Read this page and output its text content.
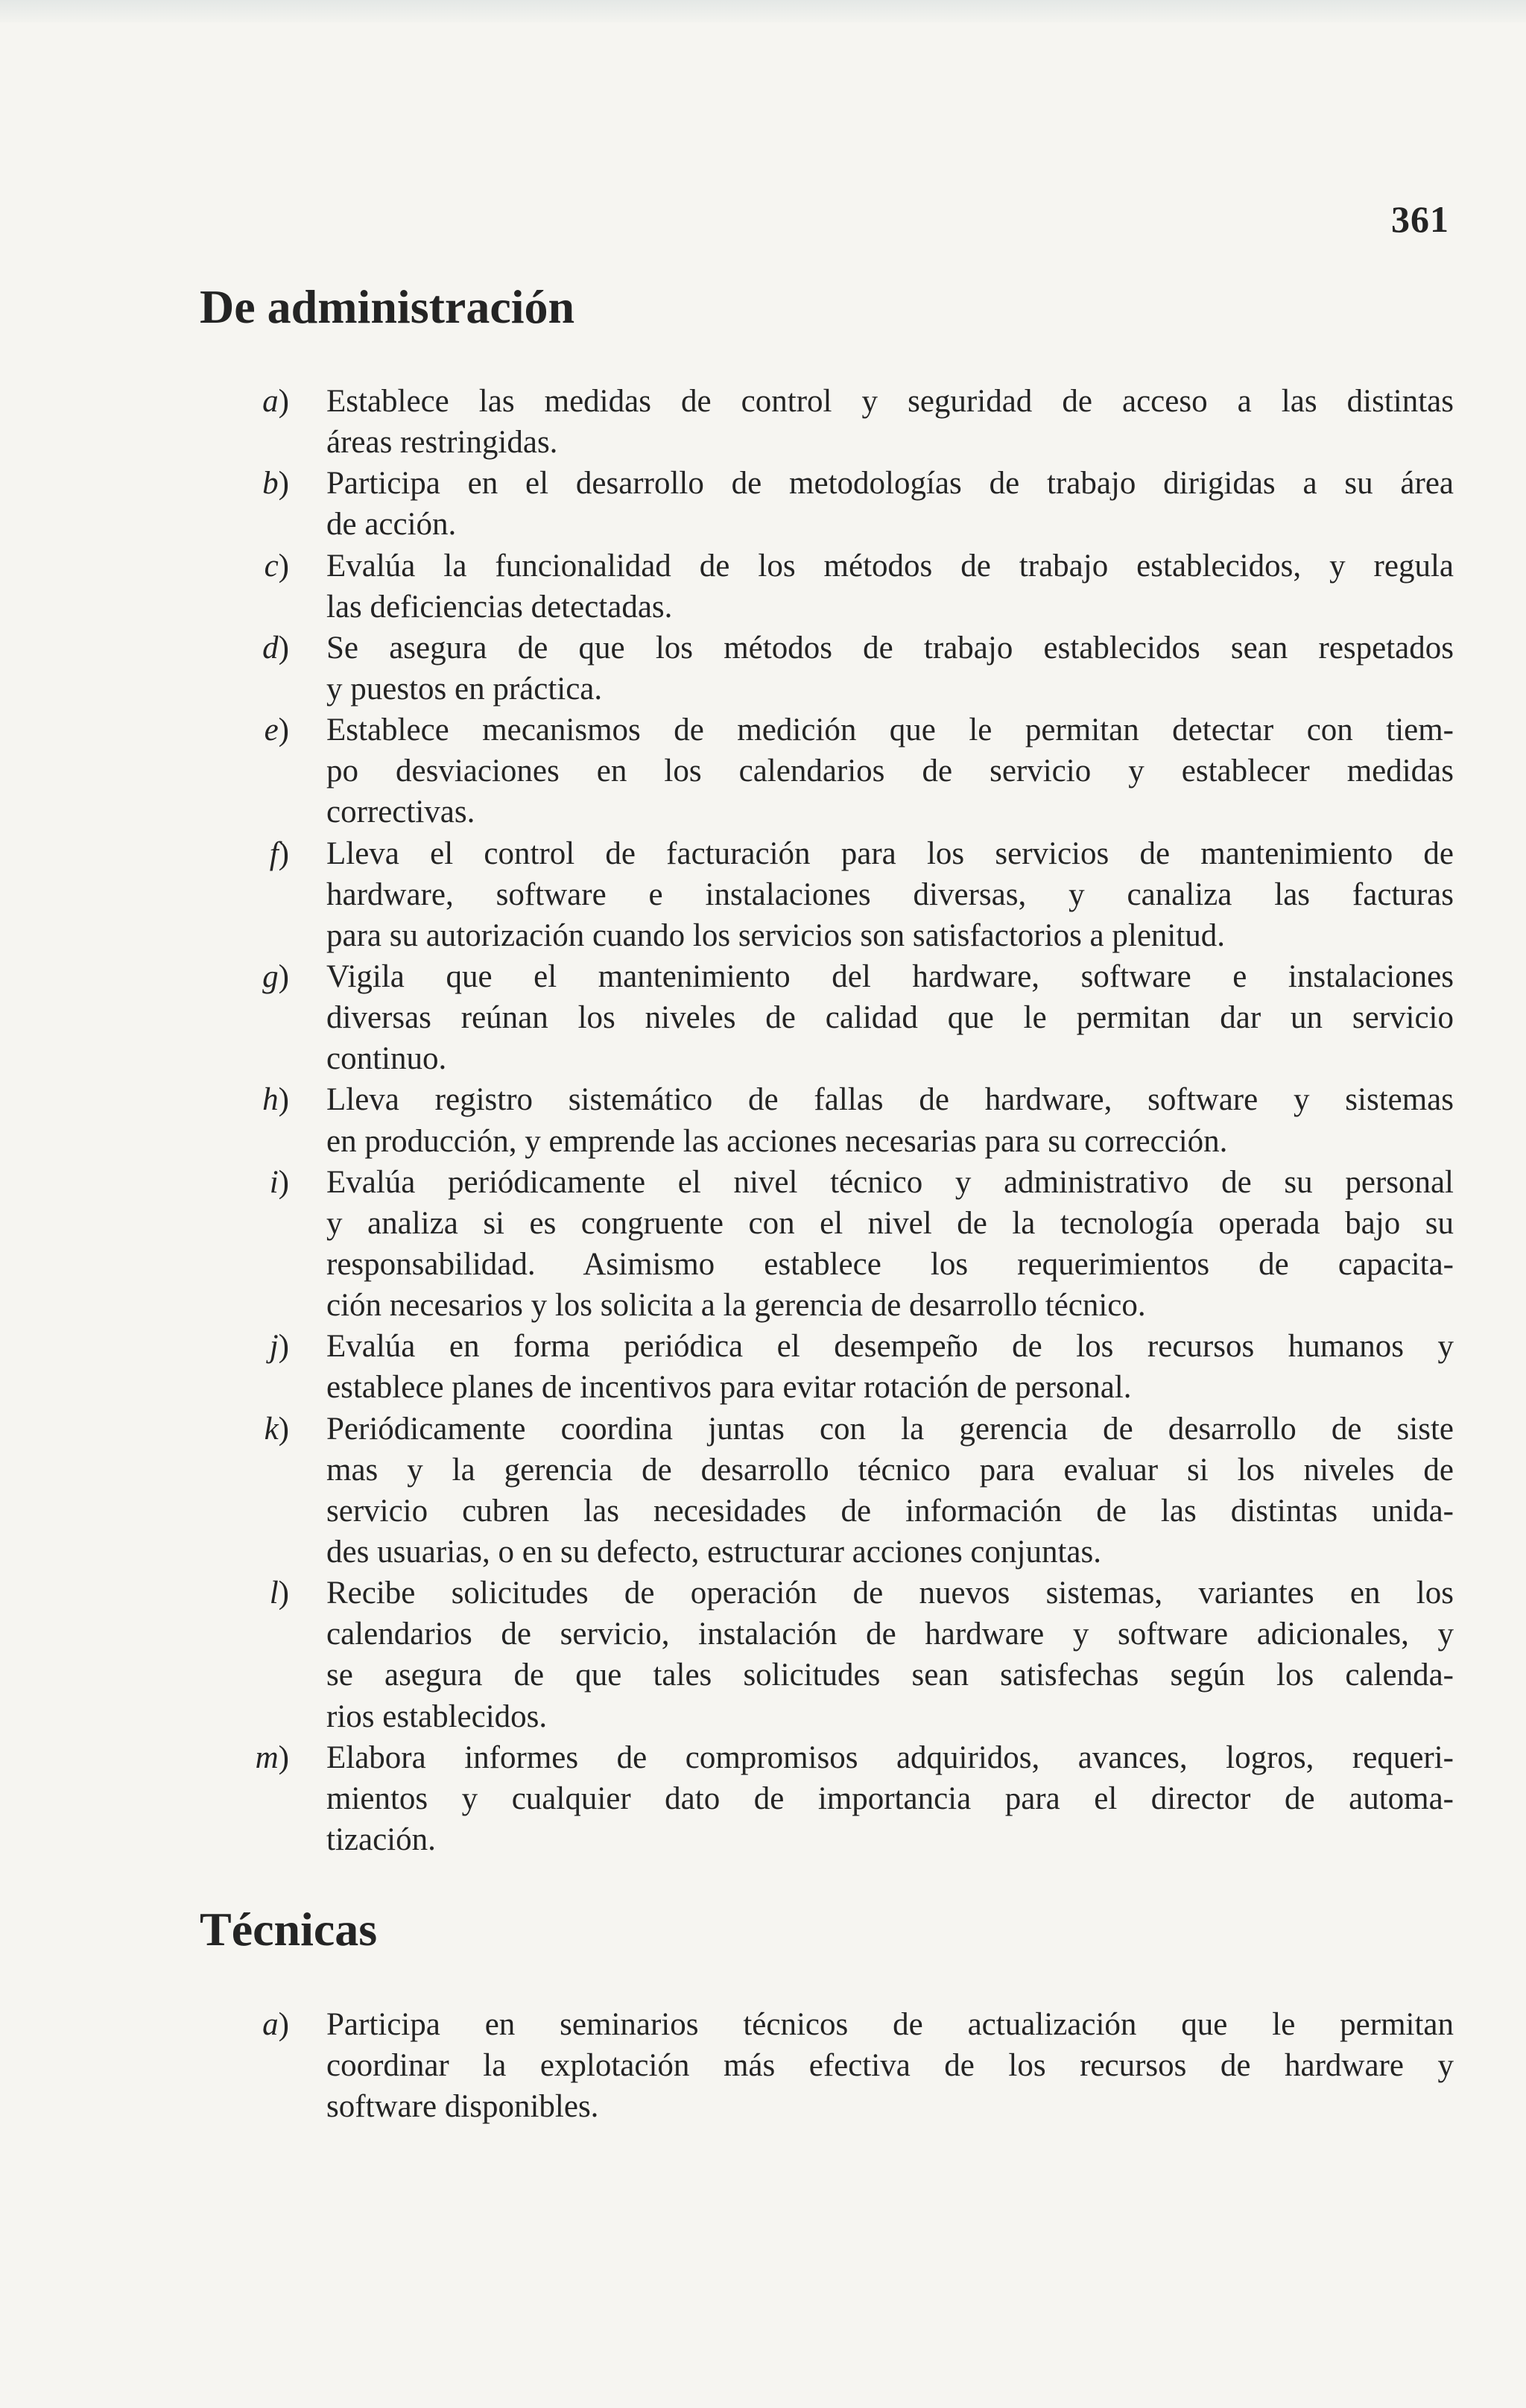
361
De administración
a) Establece las medidas de control y seguridad de acceso a las distintas
áreas restringidas.
b) Participa en el desarrollo de metodologías de trabajo dirigidas a su área
de acción.
c) Evalúa la funcionalidad de los métodos de trabajo establecidos, y regula
las deficiencias detectadas.
d) Se asegura de que los métodos de trabajo establecidos sean respetados
y puestos en práctica.
e) Establece mecanismos de medición que le permitan detectar con tiem-
po desviaciones en los calendarios de servicio y establecer medidas
correctivas.
f) Lleva el control de facturación para los servicios de mantenimiento de
hardware, software e instalaciones diversas, y canaliza las facturas
para su autorización cuando los servicios son satisfactorios a plenitud.
g) Vigila que el mantenimiento del hardware, software e instalaciones
diversas reúnan los niveles de calidad que le permitan dar un servicio
continuo.
h) Lleva registro sistemático de fallas de hardware, software y sistemas
en producción, y emprende las acciones necesarias para su corrección.
i) Evalúa periódicamente el nivel técnico y administrativo de su personal
y analiza si es congruente con el nivel de la tecnología operada bajo su
responsabilidad. Asimismo establece los requerimientos de capacita-
ción necesarios y los solicita a la gerencia de desarrollo técnico.
j) Evalúa en forma periódica el desempeño de los recursos humanos y
establece planes de incentivos para evitar rotación de personal.
k) Periódicamente coordina juntas con la gerencia de desarrollo de siste
mas y la gerencia de desarrollo técnico para evaluar si los niveles de
servicio cubren las necesidades de información de las distintas unida-
des usuarias, o en su defecto, estructurar acciones conjuntas.
l) Recibe solicitudes de operación de nuevos sistemas, variantes en los
calendarios de servicio, instalación de hardware y software adicionales, y
se asegura de que tales solicitudes sean satisfechas según los calenda-
rios establecidos.
m) Elabora informes de compromisos adquiridos, avances, logros, requeri-
mientos y cualquier dato de importancia para el director de automa-
tización.
Técnicas
a) Participa en seminarios técnicos de actualización que le permitan
coordinar la explotación más efectiva de los recursos de hardware y
software disponibles.
